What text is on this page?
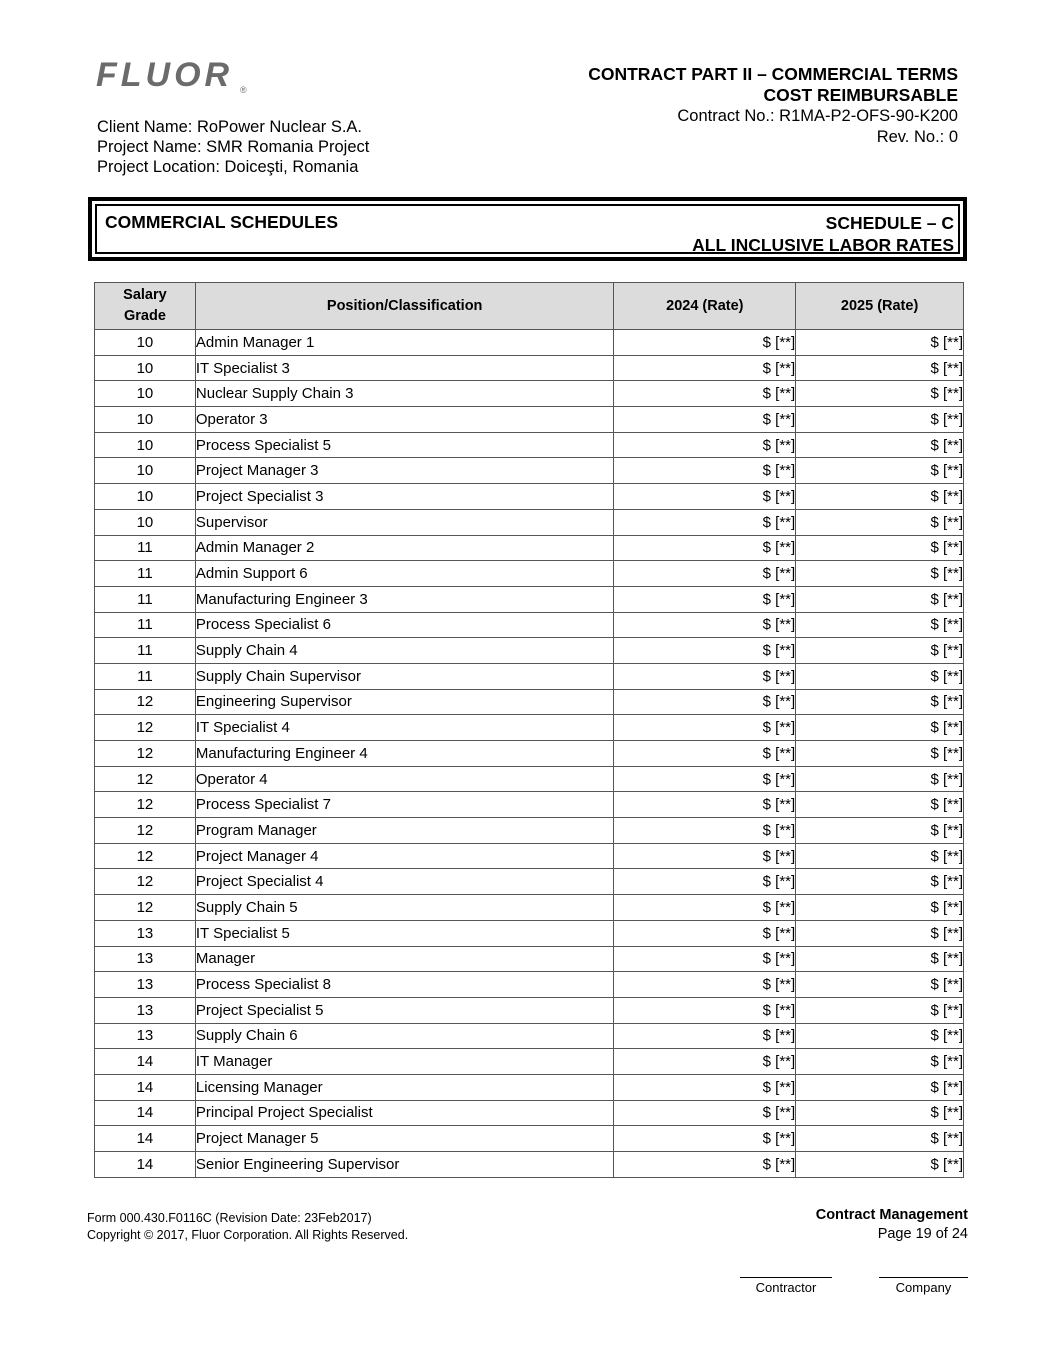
FLUOR ®
Client Name: RoPower Nuclear S.A.
Project Name: SMR Romania Project
Project Location: Doiceşti, Romania
CONTRACT PART II – COMMERCIAL TERMS
COST REIMBURSABLE
Contract No.: R1MA-P2-OFS-90-K200
Rev. No.: 0
COMMERCIAL SCHEDULES	SCHEDULE – C
ALL INCLUSIVE LABOR RATES
Salary
Grade	Position/Classification	2024 (Rate)	2025 (Rate)
10	Admin Manager 1	$ [**]	$ [**]
10	IT Specialist 3	$ [**]	$ [**]
10	Nuclear Supply Chain 3	$ [**]	$ [**]
10	Operator 3	$ [**]	$ [**]
10	Process Specialist 5	$ [**]	$ [**]
10	Project Manager 3	$ [**]	$ [**]
10	Project Specialist 3	$ [**]	$ [**]
10	Supervisor	$ [**]	$ [**]
11	Admin Manager 2	$ [**]	$ [**]
11	Admin Support 6	$ [**]	$ [**]
11	Manufacturing Engineer 3	$ [**]	$ [**]
11	Process Specialist 6	$ [**]	$ [**]
11	Supply Chain 4	$ [**]	$ [**]
11	Supply Chain Supervisor	$ [**]	$ [**]
12	Engineering Supervisor	$ [**]	$ [**]
12	IT Specialist 4	$ [**]	$ [**]
12	Manufacturing Engineer 4	$ [**]	$ [**]
12	Operator 4	$ [**]	$ [**]
12	Process Specialist 7	$ [**]	$ [**]
12	Program Manager	$ [**]	$ [**]
12	Project Manager 4	$ [**]	$ [**]
12	Project Specialist 4	$ [**]	$ [**]
12	Supply Chain 5	$ [**]	$ [**]
13	IT Specialist 5	$ [**]	$ [**]
13	Manager	$ [**]	$ [**]
13	Process Specialist 8	$ [**]	$ [**]
13	Project Specialist 5	$ [**]	$ [**]
13	Supply Chain 6	$ [**]	$ [**]
14	IT Manager	$ [**]	$ [**]
14	Licensing Manager	$ [**]	$ [**]
14	Principal Project Specialist	$ [**]	$ [**]
14	Project Manager 5	$ [**]	$ [**]
14	Senior Engineering Supervisor	$ [**]	$ [**]
Form 000.430.F0116C (Revision Date: 23Feb2017)
Copyright © 2017, Fluor Corporation. All Rights Reserved.
Contract Management
Page 19 of 24
Contractor	Company
